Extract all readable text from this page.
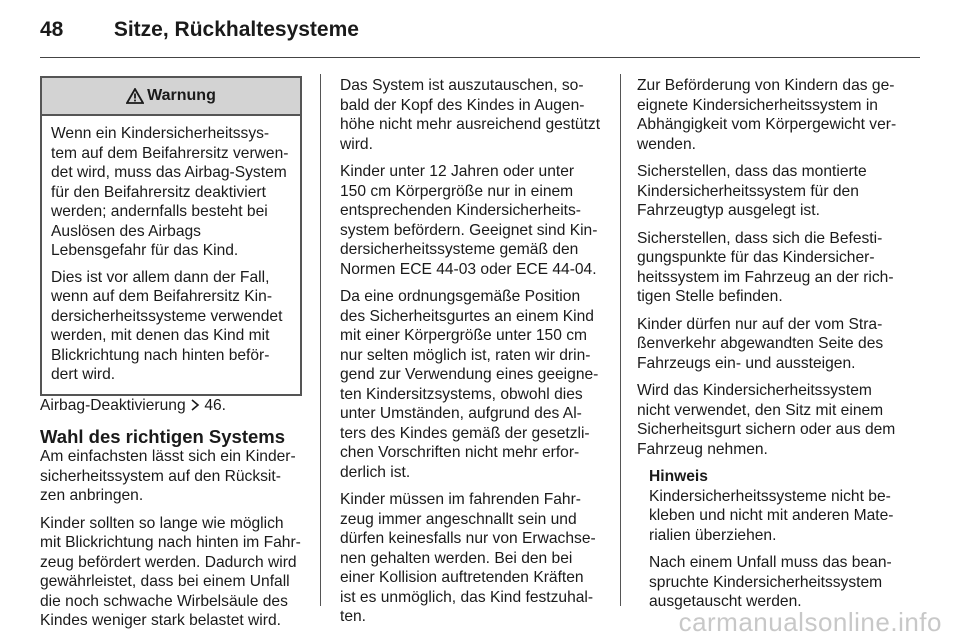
48 Sitze, Rückhaltesysteme
Warnung

Wenn ein Kindersicherheitssys-
tem auf dem Beifahrersitz verwen-
det wird, muss das Airbag-System
für den Beifahrersitz deaktiviert
werden; andernfalls besteht bei
Auslösen des Airbags
Lebensgefahr für das Kind.

Dies ist vor allem dann der Fall,
wenn auf dem Beifahrersitz Kin-
dersicherheitssysteme verwendet
werden, mit denen das Kind mit
Blickrichtung nach hinten beför-
dert wird.

Airbag-Deaktivierung 46.

Wahl des richtigen Systems

Am einfachsten lässt sich ein Kinder-
sicherheitssystem auf den Rücksit-
zen anbringen.

Kinder sollten so lange wie möglich
mit Blickrichtung nach hinten im Fahr-
zeug befördert werden. Dadurch wird
gewährleistet, dass bei einem Unfall
die noch schwache Wirbelsäule des
Kindes weniger stark belastet wird.

Das System ist auszutauschen, so-
bald der Kopf des Kindes in Augen-
höhe nicht mehr ausreichend gestützt
wird.

Kinder unter 12 Jahren oder unter
150 cm Körpergröße nur in einem
entsprechenden Kindersicherheits-
system befördern. Geeignet sind Kin-
dersicherheitssysteme gemäß den
Normen ECE 44-03 oder ECE 44-04.

Da eine ordnungsgemäße Position
des Sicherheitsgurtes an einem Kind
mit einer Körpergröße unter 150 cm
nur selten möglich ist, raten wir drin-
gend zur Verwendung eines geeigne-
ten Kindersitzsystems, obwohl dies
unter Umständen, aufgrund des Al-
ters des Kindes gemäß der gesetzli-
chen Vorschriften nicht mehr erfor-
derlich ist.

Kinder müssen im fahrenden Fahr-
zeug immer angeschnallt sein und
dürfen keinesfalls nur von Erwachse-
nen gehalten werden. Bei den bei
einer Kollision auftretenden Kräften
ist es unmöglich, das Kind festzuhal-
ten.

Zur Beförderung von Kindern das ge-
eignete Kindersicherheitssystem in
Abhängigkeit vom Körpergewicht ver-
wenden.

Sicherstellen, dass das montierte
Kindersicherheitssystem für den
Fahrzeugtyp ausgelegt ist.

Sicherstellen, dass sich die Befesti-
gungspunkte für das Kindersicher-
heitssystem im Fahrzeug an der rich-
tigen Stelle befinden.

Kinder dürfen nur auf der vom Stra-
ßenverkehr abgewandten Seite des
Fahrzeugs ein- und aussteigen.

Wird das Kindersicherheitssystem
nicht verwendet, den Sitz mit einem
Sicherheitsgurt sichern oder aus dem
Fahrzeug nehmen.

Hinweis

Kindersicherheitssysteme nicht be-
kleben und nicht mit anderen Mate-
rialien überziehen.

Nach einem Unfall muss das bean-
spruchte Kindersicherheitssystem
ausgetauscht werden.

carmanualsonline.info
